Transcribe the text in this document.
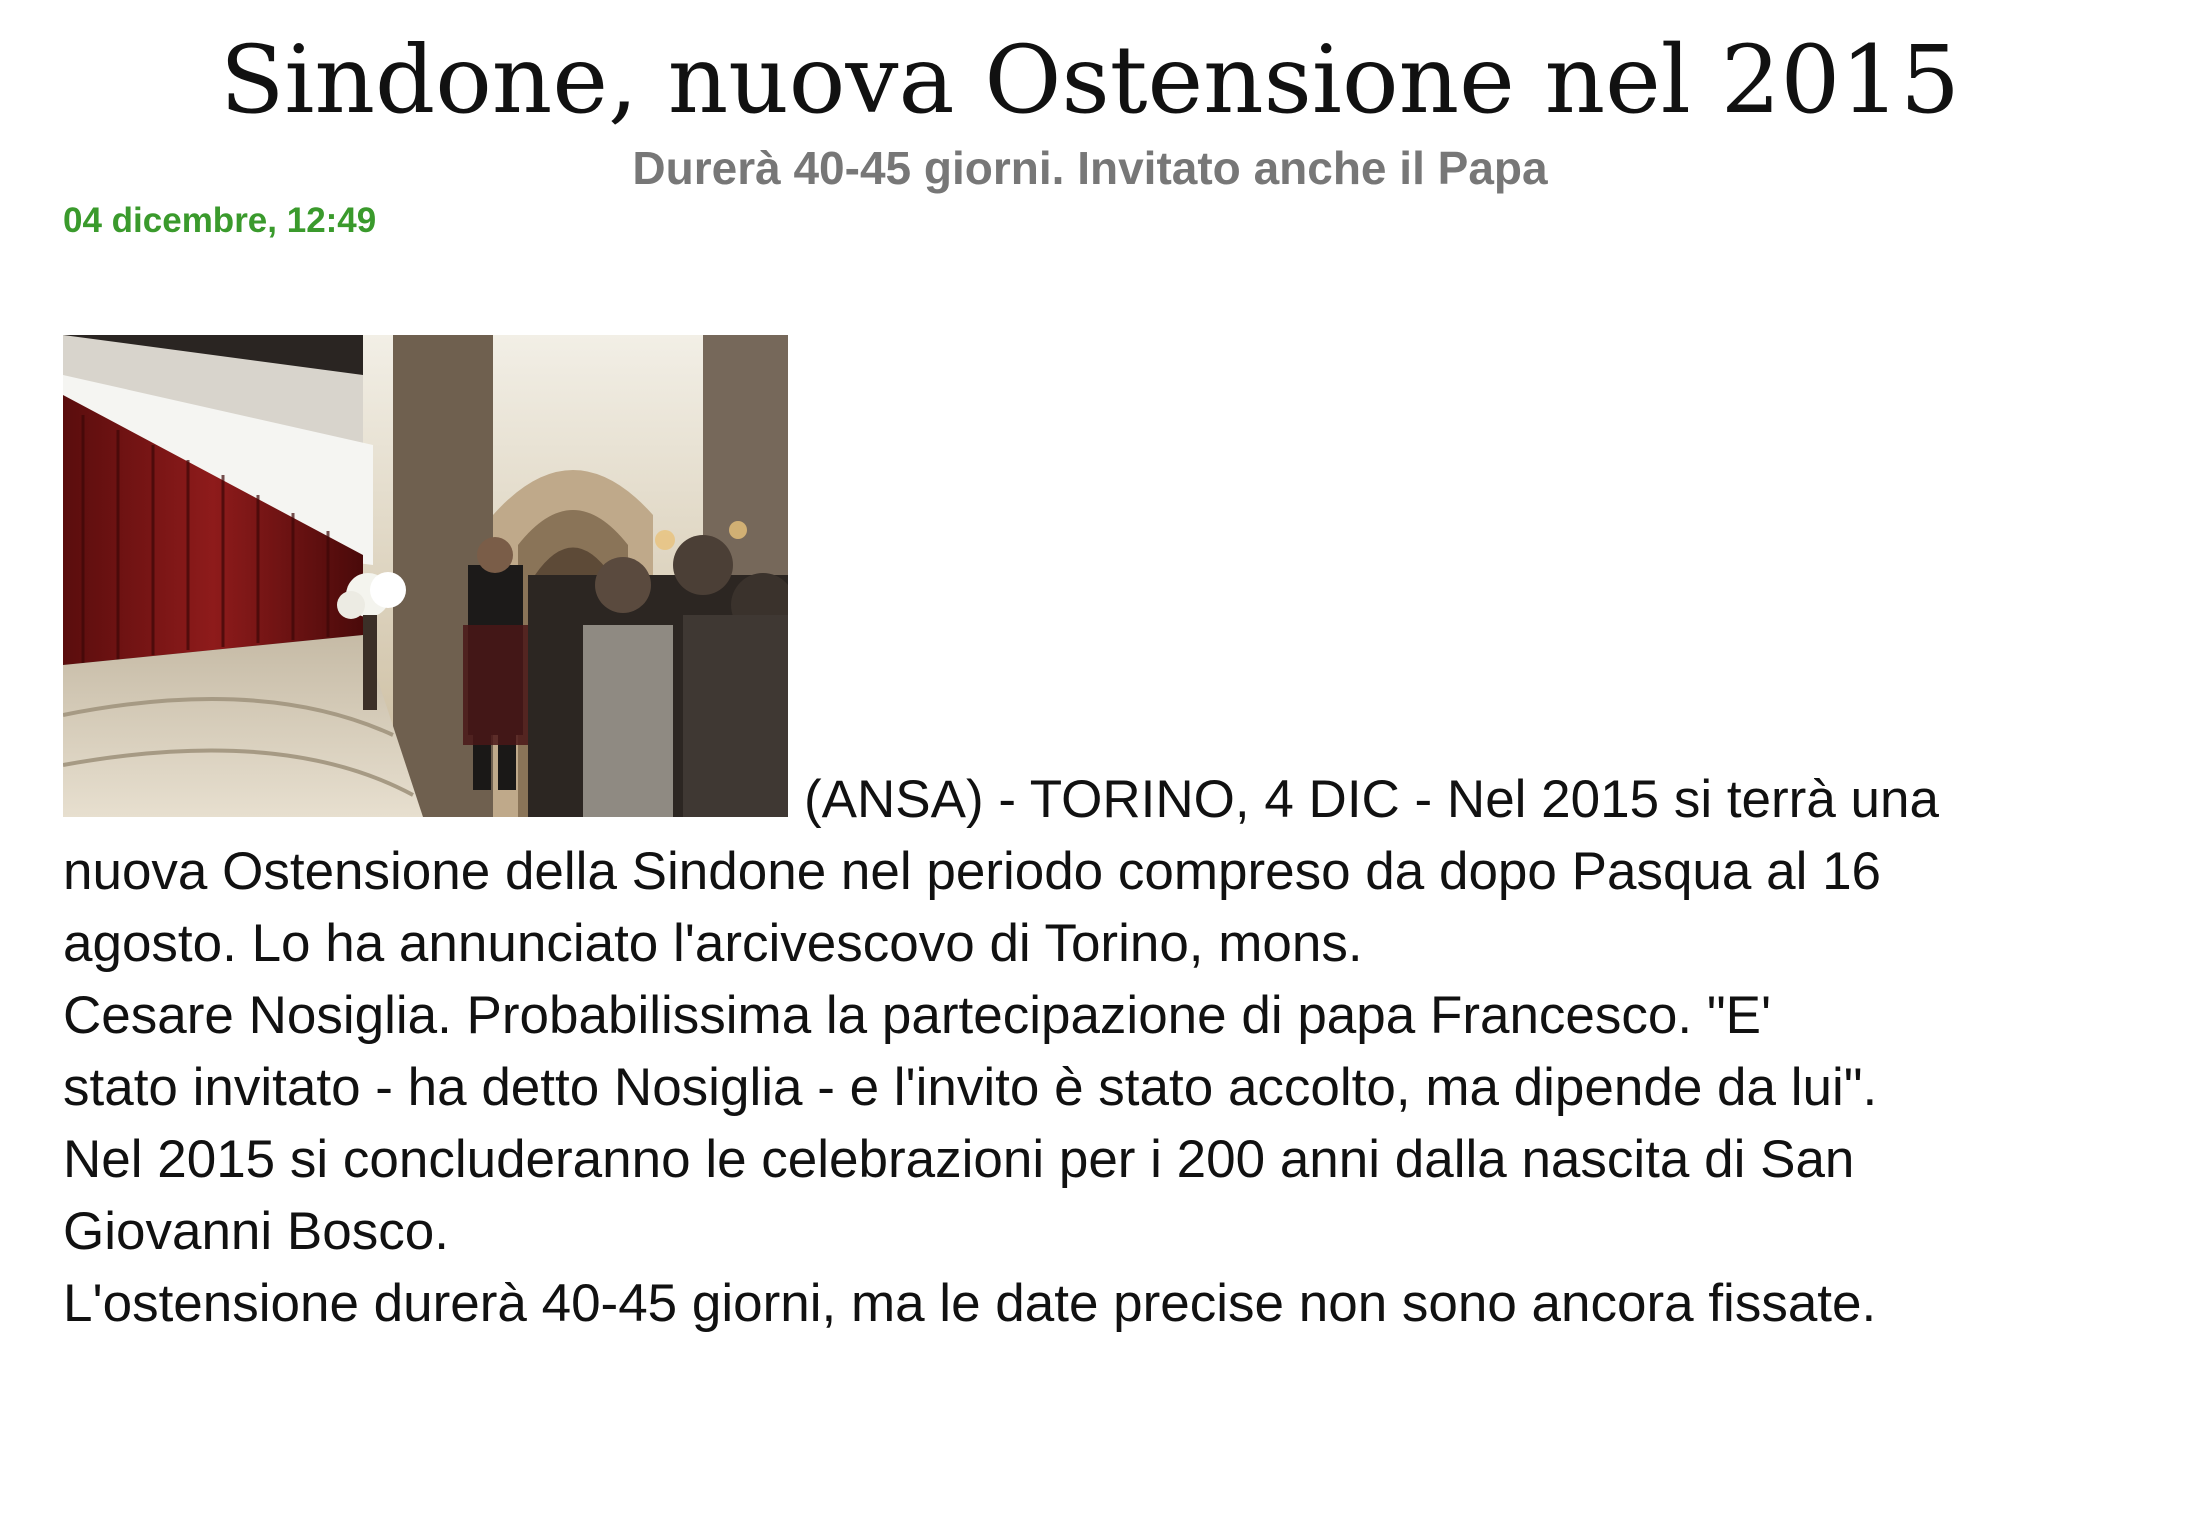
Sindone, nuova Ostensione nel 2015
Durerà 40-45 giorni. Invitato anche il Papa
04 dicembre, 12:49
(ANSA) - TORINO, 4 DIC - Nel 2015 si terrà una
nuova Ostensione della Sindone nel periodo compreso da dopo Pasqua al 16
agosto. Lo ha annunciato l'arcivescovo di Torino, mons.
Cesare Nosiglia. Probabilissima la partecipazione di papa Francesco. "E'
stato invitato - ha detto Nosiglia - e l'invito è stato accolto, ma dipende da lui".
Nel 2015 si concluderanno le celebrazioni per i 200 anni dalla nascita di San
Giovanni Bosco.
L'ostensione durerà 40-45 giorni, ma le date precise non sono ancora fissate.
